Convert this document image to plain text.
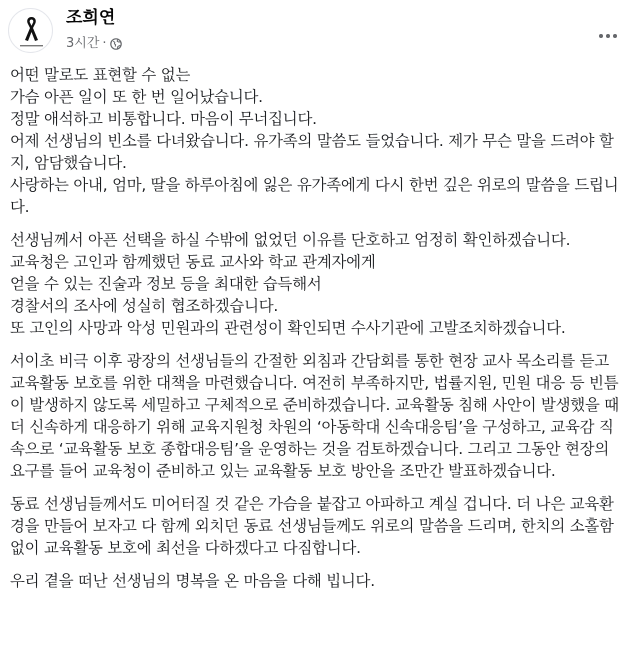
조희연
3시간 ·
어떤 말로도 표현할 수 없는
가슴 아픈 일이 또 한 번 일어났습니다.
정말 애석하고 비통합니다. 마음이 무너집니다.
어제 선생님의 빈소를 다녀왔습니다. 유가족의 말씀도 들었습니다. 제가 무슨 말을 드려야 할지, 암담했습니다.
사랑하는 아내, 엄마, 딸을 하루아침에 잃은 유가족에게 다시 한번 깊은 위로의 말씀을 드립니다.
선생님께서 아픈 선택을 하실 수밖에 없었던 이유를 단호하고 엄정히 확인하겠습니다.
교육청은 고인과 함께했던 동료 교사와 학교 관계자에게
얻을 수 있는 진술과 정보 등을 최대한 습득해서
경찰서의 조사에 성실히 협조하겠습니다.
또 고인의 사망과 악성 민원과의 관련성이 확인되면 수사기관에 고발조치하겠습니다.
서이초 비극 이후 광장의 선생님들의 간절한 외침과 간담회를 통한 현장 교사 목소리를 듣고 교육활동 보호를 위한 대책을 마련했습니다. 여전히 부족하지만, 법률지원, 민원 대응 등 빈틈이 발생하지 않도록 세밀하고 구체적으로 준비하겠습니다. 교육활동 침해 사안이 발생했을 때 더 신속하게 대응하기 위해 교육지원청 차원의 ‘아동학대 신속대응팀’을 구성하고, 교육감 직속으로 ‘교육활동 보호 종합대응팀’을 운영하는 것을 검토하겠습니다. 그리고 그동안 현장의 요구를 들어 교육청이 준비하고 있는 교육활동 보호 방안을 조만간 발표하겠습니다.
동료 선생님들께서도 미어터질 것 같은 가슴을 붙잡고 아파하고 계실 겁니다. 더 나은 교육환경을 만들어 보자고 다 함께 외치던 동료 선생님들께도 위로의 말씀을 드리며, 한치의 소홀함 없이 교육활동 보호에 최선을 다하겠다고 다짐합니다.
우리 곁을 떠난 선생님의 명복을 온 마음을 다해 빕니다.
